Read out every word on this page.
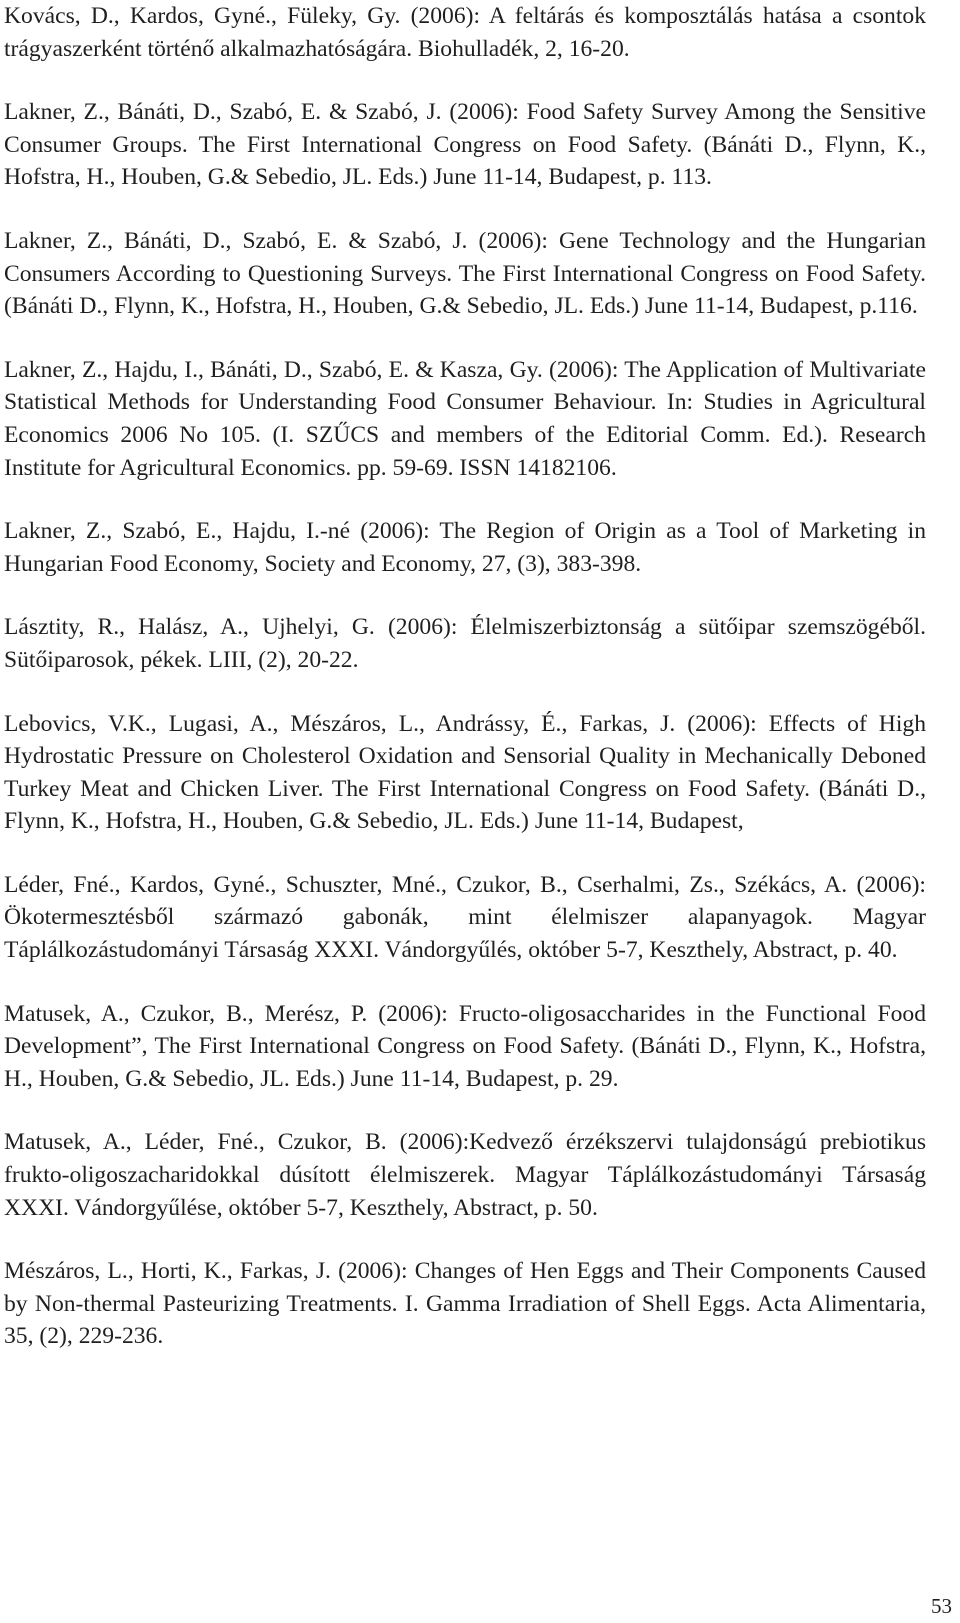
Kovács, D., Kardos, Gyné., Füleky, Gy. (2006): A feltárás és komposztálás hatása a csontok trágyaszerként történő alkalmazhatóságára. Biohulladék, 2, 16-20.

Lakner, Z., Bánáti, D., Szabó, E. & Szabó, J. (2006): Food Safety Survey Among the Sensitive Consumer Groups. The First International Congress on Food Safety. (Bánáti D., Flynn, K., Hofstra, H., Houben, G.& Sebedio, JL. Eds.) June 11-14, Budapest, p. 113.

Lakner, Z., Bánáti, D., Szabó, E. & Szabó, J. (2006): Gene Technology and the Hungarian Consumers According to Questioning Surveys. The First International Congress on Food Safety. (Bánáti D., Flynn, K., Hofstra, H., Houben, G.& Sebedio, JL. Eds.) June 11-14, Budapest, p.116.

Lakner, Z., Hajdu, I., Bánáti, D., Szabó, E. & Kasza, Gy. (2006): The Application of Multivariate Statistical Methods for Understanding Food Consumer Behaviour. In: Studies in Agricultural Economics 2006 No 105. (I. SZŰCS and members of the Editorial Comm. Ed.). Research Institute for Agricultural Economics. pp. 59-69. ISSN 14182106.

Lakner, Z., Szabó, E., Hajdu, I.-né (2006): The Region of Origin as a Tool of Marketing in Hungarian Food Economy, Society and Economy, 27, (3), 383-398.

Lásztity, R., Halász, A., Ujhelyi, G. (2006): Élelmiszerbiztonság a sütőipar szemszögéből. Sütőiparosok, pékek. LIII, (2), 20-22.

Lebovics, V.K., Lugasi, A., Mészáros, L., Andrássy, É., Farkas, J. (2006): Effects of High Hydrostatic Pressure on Cholesterol Oxidation and Sensorial Quality in Mechanically Deboned Turkey Meat and Chicken Liver. The First International Congress on Food Safety. (Bánáti D., Flynn, K., Hofstra, H., Houben, G.& Sebedio, JL. Eds.) June 11-14, Budapest,

Léder, Fné., Kardos, Gyné., Schuszter, Mné., Czukor, B., Cserhalmi, Zs., Székács, A. (2006): Ökotermesztésből származó gabonák, mint élelmiszer alapanyagok. Magyar Táplálkozástudományi Társaság XXXI. Vándorgyűlés, október 5-7, Keszthely, Abstract, p. 40.

Matusek, A., Czukor, B., Merész, P. (2006): Fructo-oligosaccharides in the Functional Food Development”, The First International Congress on Food Safety. (Bánáti D., Flynn, K., Hofstra, H., Houben, G.& Sebedio, JL. Eds.) June 11-14, Budapest, p. 29.

Matusek, A., Léder, Fné., Czukor, B. (2006):Kedvező érzékszervi tulajdonságú prebiotikus frukto-oligoszacharidokkal dúsított élelmiszerek. Magyar Táplálkozástudományi Társaság XXXI. Vándorgyűlése, október 5-7, Keszthely, Abstract, p. 50.

Mészáros, L., Horti, K., Farkas, J. (2006): Changes of Hen Eggs and Their Components Caused by Non-thermal Pasteurizing Treatments. I. Gamma Irradiation of Shell Eggs. Acta Alimentaria, 35, (2), 229-236.

53
